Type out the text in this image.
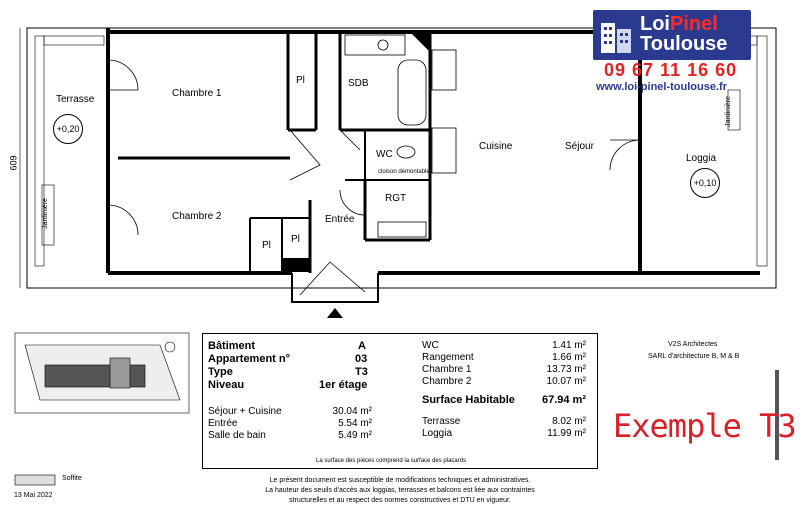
Chambre 1
Chambre 2
Terrasse
+0,20
Jardinière
Pl
Pl
Pl
SDB
WC
cloison démontable
RGT
Entrée
Cuisine	Séjour
Loggia
+0,10
Jardinière
609
LoiPinel
Toulouse
09 67 11 16 60
www.loi-pinel-toulouse.fr
Bâtiment	A
Appartement n°	03
Type	T3
Niveau	1er étage
Séjour + Cuisine	30.04 m²
Entrée	5.54 m²
Salle de bain	5.49 m²
WC	1.41 m²
Rangement	1.66 m²
Chambre 1	13.73 m²
Chambre 2	10.07 m²
Surface Habitable	67.94 m²
Terrasse	8.02 m²
Loggia	11.99 m²
La surface des pièces comprend la surface des placards
V2S Architectes
SARL d'architecture B, M & B
Exemple T3
Soffite
13 Mai 2022
Le présent document est susceptible de modifications techniques et administratives.
La hauteur des seuils d'accès aux loggias, terrasses et balcons est liée aux contraintes
structurelles et au respect des normes constructives et DTU en vigueur.
